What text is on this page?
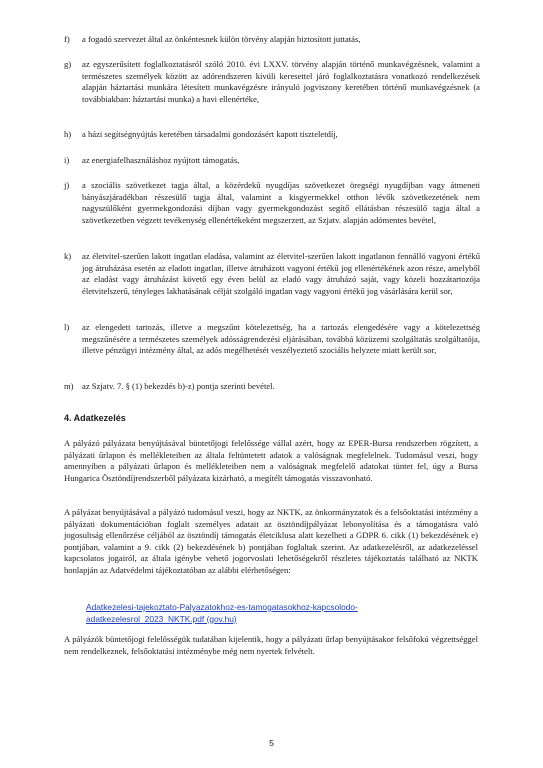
f) a fogadó szervezet által az önkéntesnek külön törvény alapján biztosított juttatás,
g) az egyszerűsített foglalkoztatásról szóló 2010. évi LXXV. törvény alapján történő munkavégzésnek, valamint a természetes személyek között az adórendszeren kívüli keresettel járó foglalkoztatásra vonatkozó rendelkezések alapján háztartási munkára létesített munkavégzésre irányuló jogviszony keretében történő munkavégzésnek (a továbbiakban: háztartási munka) a havi ellenértéke,
h) a házi segítségnyújtás keretében társadalmi gondozásért kapott tiszteletdíj,
i) az energiafelhasználáshoz nyújtott támogatás,
j) a szociális szövetkezet tagja által, a közérdekű nyugdíjas szövetkezet öregségi nyugdíjban vagy átmeneti bányászjáradékban részesülő tagja által, valamint a kisgyermekkel otthon lévők szövetkezetének nem nagyszülőként gyermekgondozási díjban vagy gyermekgondozást segítő ellátásban részesülő tagja által a szövetkezetben végzett tevékenység ellenértékeként megszerzett, az Szjatv. alapján adómentes bevétel,
k) az életvitel-szerűen lakott ingatlan eladása, valamint az életvitel-szerűen lakott ingatlanon fennálló vagyoni értékű jog átruházása esetén az eladott ingatlan, illetve átruházott vagyoni értékű jog ellenértékének azon része, amelyből az eladást vagy átruházást követő egy éven belül az eladó vagy átruházó saját, vagy közeli hozzátartozója életvitelszerű, tényleges lakhatásának célját szolgáló ingatlan vagy vagyoni értékű jog vásárlására kerül sor,
l) az elengedett tartozás, illetve a megszűnt kötelezettség, ha a tartozás elengedésére vagy a kötelezettség megszűnésére a természetes személyek adósságrendezési eljárásában, továbbá közüzemi szolgáltatás szolgáltatója, illetve pénzügyi intézmény által, az adós megélhetését veszélyeztető szociális helyzete miatt került sor,
m) az Szjatv. 7. § (1) bekezdés b)-z) pontja szerinti bevétel.
4. Adatkezelés
A pályázó pályázata benyújtásával büntetőjogi felelőssége vállal azért, hogy az EPER-Bursa rendszerben rögzített, a pályázati űrlapon és mellékleteiben az általa feltüntetett adatok a valóságnak megfelelnek. Tudomásul veszi, hogy amennyiben a pályázati űrlapon és mellékleteiben nem a valóságnak megfelelő adatokat tüntet fel, úgy a Bursa Hungarica Ösztöndíjrendszerből pályázata kizárható, a megítélt támogatás visszavonható.
A pályázat benyújtásával a pályázó tudomásul veszi, hogy az NKTK, az önkormányzatok és a felsőoktatási intézmény a pályázati dokumentációban foglalt személyes adatait az ösztöndíjpályázat lebonyolítása és a támogatásra való jogosultság ellenőrzése céljából az ösztöndíj támogatás életciklusa alatt kezelheti a GDPR 6. cikk (1) bekezdésének e) pontjában, valamint a 9. cikk (2) bekezdésének b) pontjában foglaltak szerint. Az adatkezelésről, az adatkezeléssel kapcsolatos jogairól, az általa igénybe vehető jogorvoslati lehetőségekről részletes tájékoztatás található az NKTK honlapján az Adatvédelmi tájékoztatóban az alábbi elérhetőségen:
Adatkezelesi-tajekoztato-Palyazatokhoz-es-tamogatasokhoz-kapcsolodo-
adatkezelesrol_2023_NKTK.pdf (gov.hu)
A pályázók büntetőjogi felelősségük tudatában kijelentik, hogy a pályázati űrlap benyújtásakor felsőfokú végzettséggel nem rendelkeznek, felsőoktatási intézménybe még nem nyertek felvételt.
5
